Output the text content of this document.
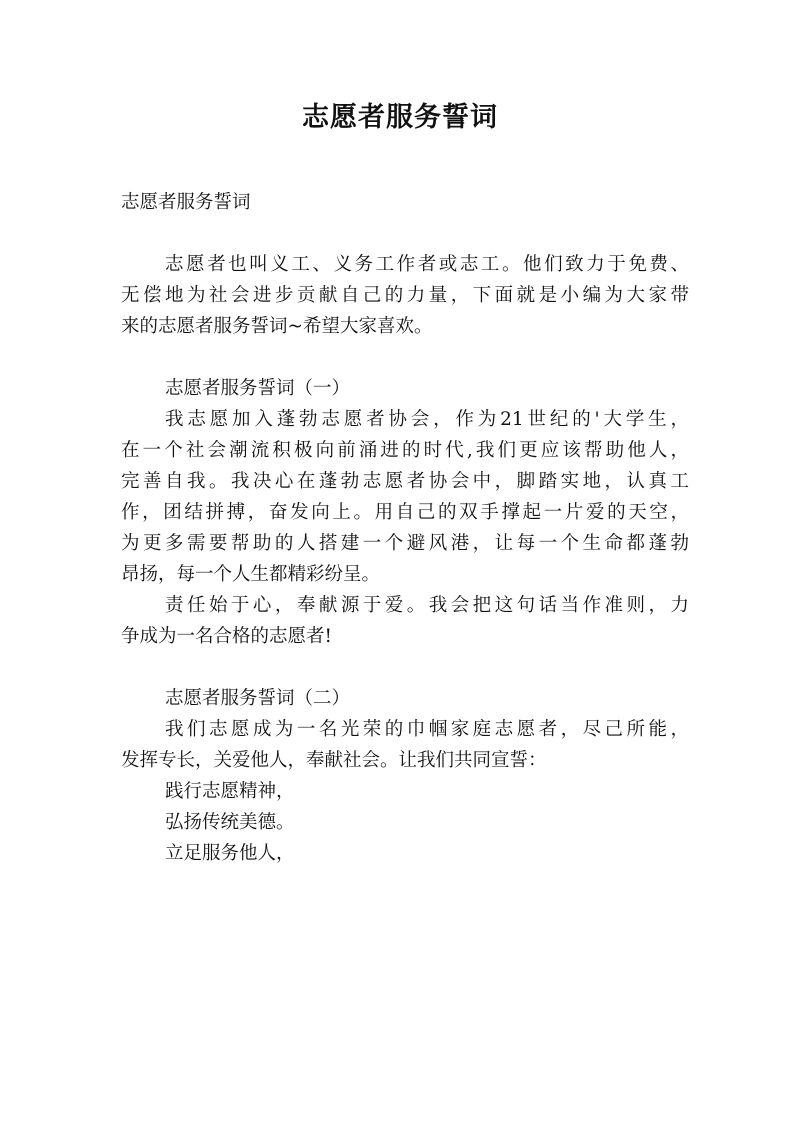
志愿者服务誓词
志愿者服务誓词
志愿者也叫义工、义务工作者或志工。他们致力于免费、
无偿地为社会进步贡献自己的力量，下面就是小编为大家带
来的志愿者服务誓词~希望大家喜欢。
志愿者服务誓词（一）
我志愿加入蓬勃志愿者协会，作为21世纪的'大学生，
在一个社会潮流积极向前涌进的时代,我们更应该帮助他人，
完善自我。我决心在蓬勃志愿者协会中，脚踏实地，认真工
作，团结拼搏，奋发向上。用自己的双手撑起一片爱的天空，
为更多需要帮助的人搭建一个避风港，让每一个生命都蓬勃
昂扬，每一个人生都精彩纷呈。
责任始于心，奉献源于爱。我会把这句话当作准则，力
争成为一名合格的志愿者!
志愿者服务誓词（二）
我们志愿成为一名光荣的巾帼家庭志愿者，尽己所能，
发挥专长，关爱他人，奉献社会。让我们共同宣誓：
践行志愿精神，
弘扬传统美德。
立足服务他人，
